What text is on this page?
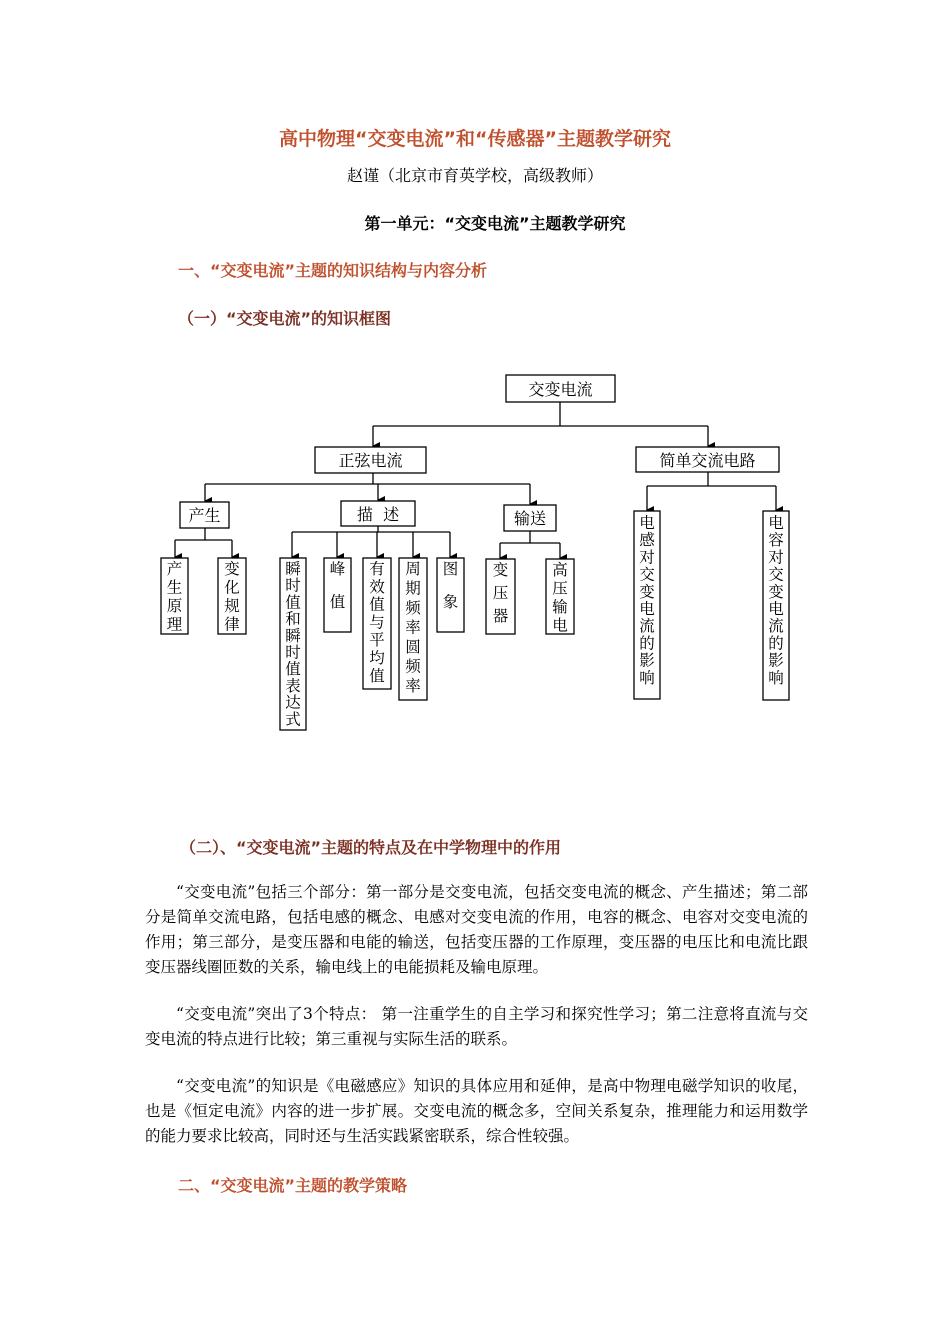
高中物理“交变电流”和“传感器”主题教学研究
赵谨（北京市育英学校，高级教师）
第一单元：“交变电流”主题教学研究
一、“交变电流”主题的知识结构与内容分析
（一）“交变电流”的知识框图
交变电流
正弦电流	简单交流电路
产生	描  述	输送
产生原理
变化规律
瞬时值和瞬时值表达式
峰值
有效值与平均值
周期频率圆频率
图象
变压器
高压输电
电感对交变电流的影响
电容对交变电流的影响
（二）、“交变电流”主题的特点及在中学物理中的作用

“交变电流”包括三个部分：第一部分是交变电流，包括交变电流的概念、产生描述；第二部分是简单交流电路，包括电感的概念、电感对交变电流的作用，电容的概念、电容对交变电流的作用；第三部分，是变压器和电能的输送，包括变压器的工作原理，变压器的电压比和电流比跟变压器线圈匝数的关系，输电线上的电能损耗及输电原理。

“交变电流”突出了3个特点： 第一注重学生的自主学习和探究性学习；第二注意将直流与交变电流的特点进行比较；第三重视与实际生活的联系。

“交变电流”的知识是《电磁感应》知识的具体应用和延伸，是高中物理电磁学知识的收尾，也是《恒定电流》内容的进一步扩展。交变电流的概念多，空间关系复杂，推理能力和运用数学的能力要求比较高，同时还与生活实践紧密联系，综合性较强。

二、“交变电流”主题的教学策略
